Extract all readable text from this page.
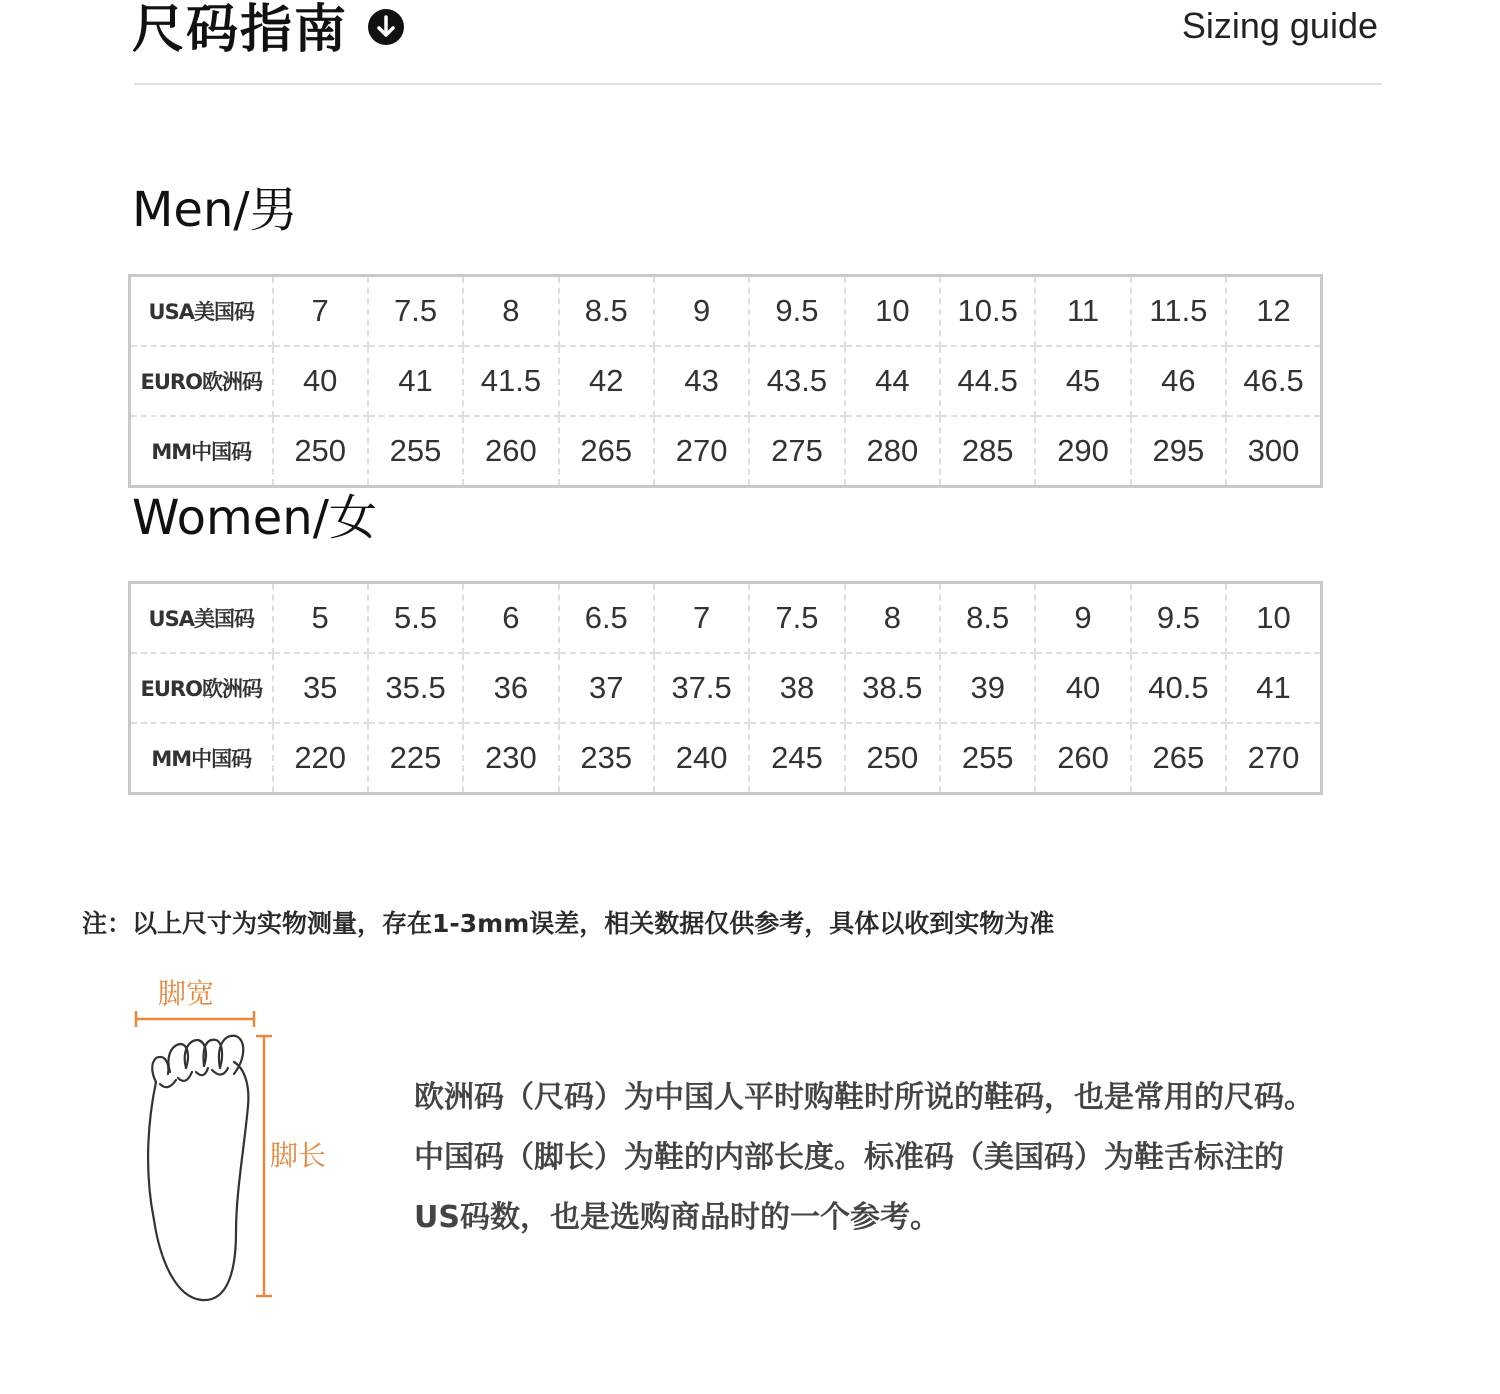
尺码指南	Sizing guide
Men/男
USA美国码	7	7.5	8	8.5	9	9.5	10	10.5	11	11.5	12
EURO欧洲码	40	41	41.5	42	43	43.5	44	44.5	45	46	46.5
MM中国码	250	255	260	265	270	275	280	285	290	295	300
Women/女
USA美国码	5	5.5	6	6.5	7	7.5	8	8.5	9	9.5	10
EURO欧洲码	35	35.5	36	37	37.5	38	38.5	39	40	40.5	41
MM中国码	220	225	230	235	240	245	250	255	260	265	270
注：以上尺寸为实物测量，存在1-3mm误差，相关数据仅供参考，具体以收到实物为准
脚宽
脚长

欧洲码（尺码）为中国人平时购鞋时所说的鞋码，也是常用的尺码。

中国码（脚长）为鞋的内部长度。标准码（美国码）为鞋舌标注的

US码数，也是选购商品时的一个参考。
